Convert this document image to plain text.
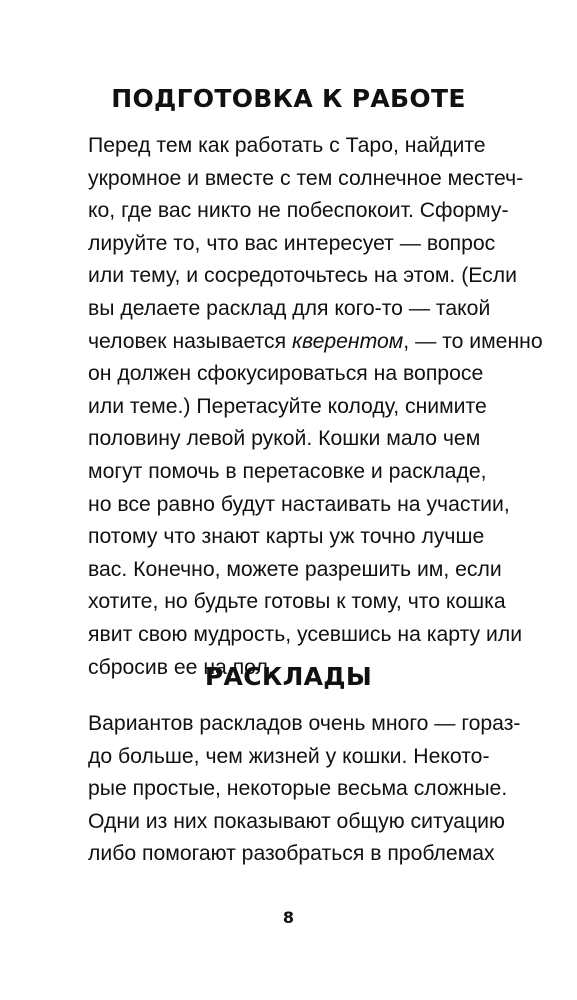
ПОДГОТОВКА К РАБОТЕ
Перед тем как работать с Таро, найдите
укромное и вместе с тем солнечное местеч-
ко, где вас никто не побеспокоит. Сформу-
лируйте то, что вас интересует — вопрос
или тему, и сосредоточьтесь на этом. (Если
вы делаете расклад для кого-то — такой
человек называется кверентом, — то именно
он должен сфокусироваться на вопросе
или теме.) Перетасуйте колоду, снимите
половину левой рукой. Кошки мало чем
могут помочь в перетасовке и раскладе,
но все равно будут настаивать на участии,
потому что знают карты уж точно лучше
вас. Конечно, можете разрешить им, если
хотите, но будьте готовы к тому, что кошка
явит свою мудрость, усевшись на карту или
сбросив ее на пол.
РАСКЛАДЫ
Вариантов раскладов очень много — гораз-
до больше, чем жизней у кошки. Некото-
рые простые, некоторые весьма сложные.
Одни из них показывают общую ситуацию
либо помогают разобраться в проблемах
8
